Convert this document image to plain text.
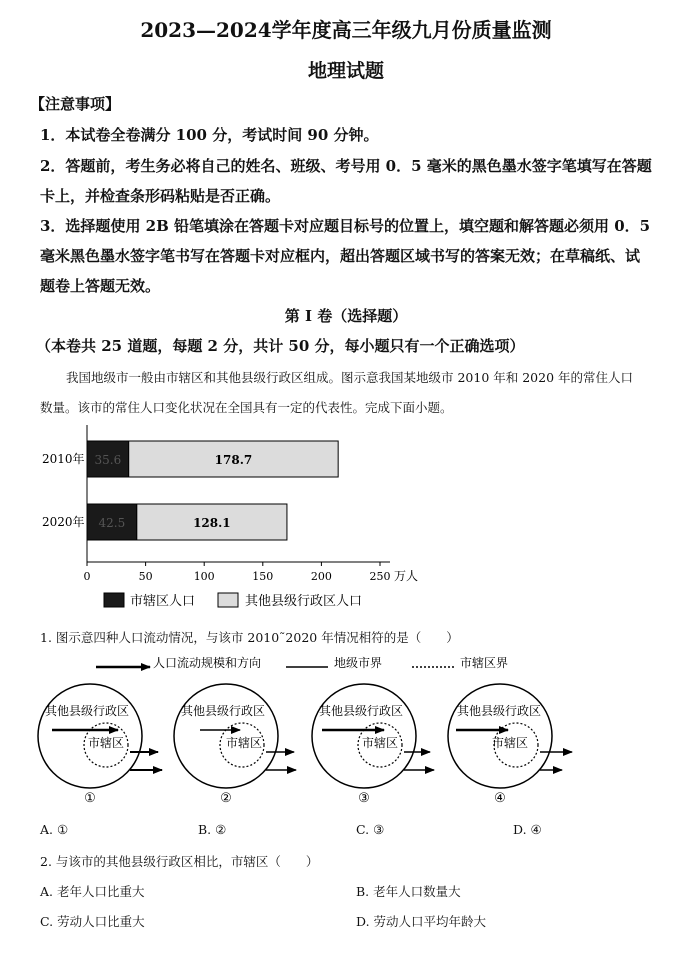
2023—2024学年度高三年级九月份质量监测
地理试题
【注意事项】
1．本试卷全卷满分 100 分，考试时间 90 分钟。
2．答题前，考生务必将自己的姓名、班级、考号用 0．5 毫米的黑色墨水签字笔填写在答题
卡上，并检查条形码粘贴是否正确。
3．选择题使用 2B 铅笔填涂在答题卡对应题目标号的位置上，填空题和解答题必须用 0．5
毫米黑色墨水签字笔书写在答题卡对应框内，超出答题区域书写的答案无效；在草稿纸、试
题卷上答题无效。
第 I 卷（选择题）
（本卷共 25 道题，每题 2 分，共计 50 分，每小题只有一个正确选项）
我国地级市一般由市辖区和其他县级行政区组成。图示意我国某地级市 2010 年和 2020 年的常住人口
数量。该市的常住人口变化状况在全国具有一定的代表性。完成下面小题。
0	50	100	150	200	250 万人
2010年
2020年
35.6	178.7
42.5	128.1
市辖区人口	其他县级行政区人口
1. 图示意四种人口流动情况，与该市 2010˜2020 年情况相符的是（　　）
人口流动规模和方向	地级市界	市辖区界
其他县级行政区
市辖区
①
其他县级行政区
市辖区
②
其他县级行政区
市辖区
③
其他县级行政区
市辖区
④
A. ①	B. ②	C. ③	D. ④
2. 与该市的其他县级行政区相比，市辖区（　　）
A. 老年人口比重大	B. 老年人口数量大
C. 劳动人口比重大	D. 劳动人口平均年龄大
